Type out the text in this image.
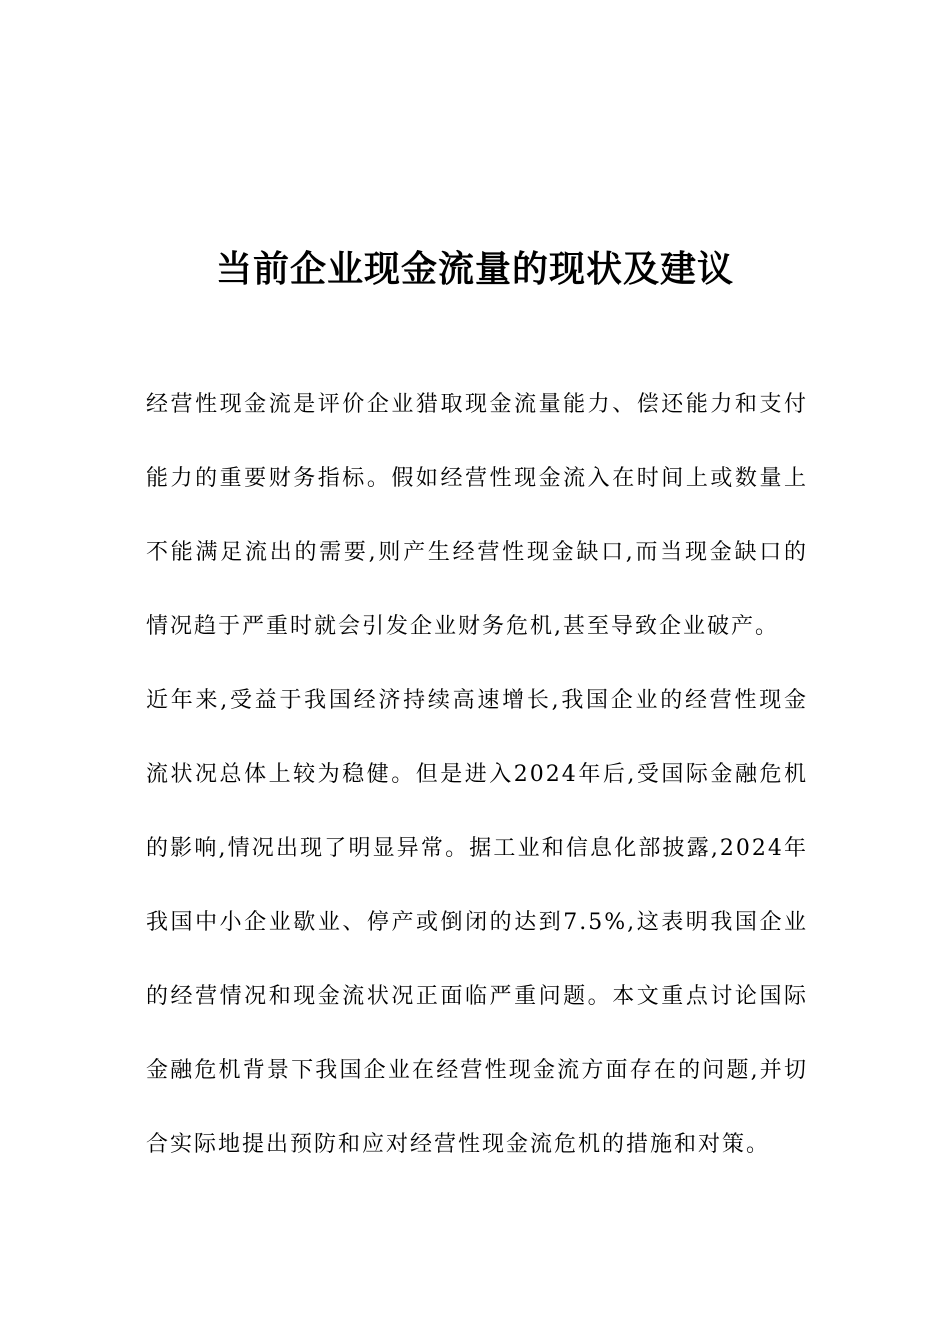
当前企业现金流量的现状及建议

经营性现金流是评价企业猎取现金流量能力、偿还能力和支付能力的重要财务指标。假如经营性现金流入在时间上或数量上不能满足流出的需要,则产生经营性现金缺口,而当现金缺口的情况趋于严重时就会引发企业财务危机,甚至导致企业破产。

近年来,受益于我国经济持续高速增长,我国企业的经营性现金流状况总体上较为稳健。但是进入2024年后,受国际金融危机的影响,情况出现了明显异常。据工业和信息化部披露,2024年我国中小企业歇业、停产或倒闭的达到7.5%,这表明我国企业的经营情况和现金流状况正面临严重问题。本文重点讨论国际金融危机背景下我国企业在经营性现金流方面存在的问题,并切合实际地提出预防和应对经营性现金流危机的措施和对策。
